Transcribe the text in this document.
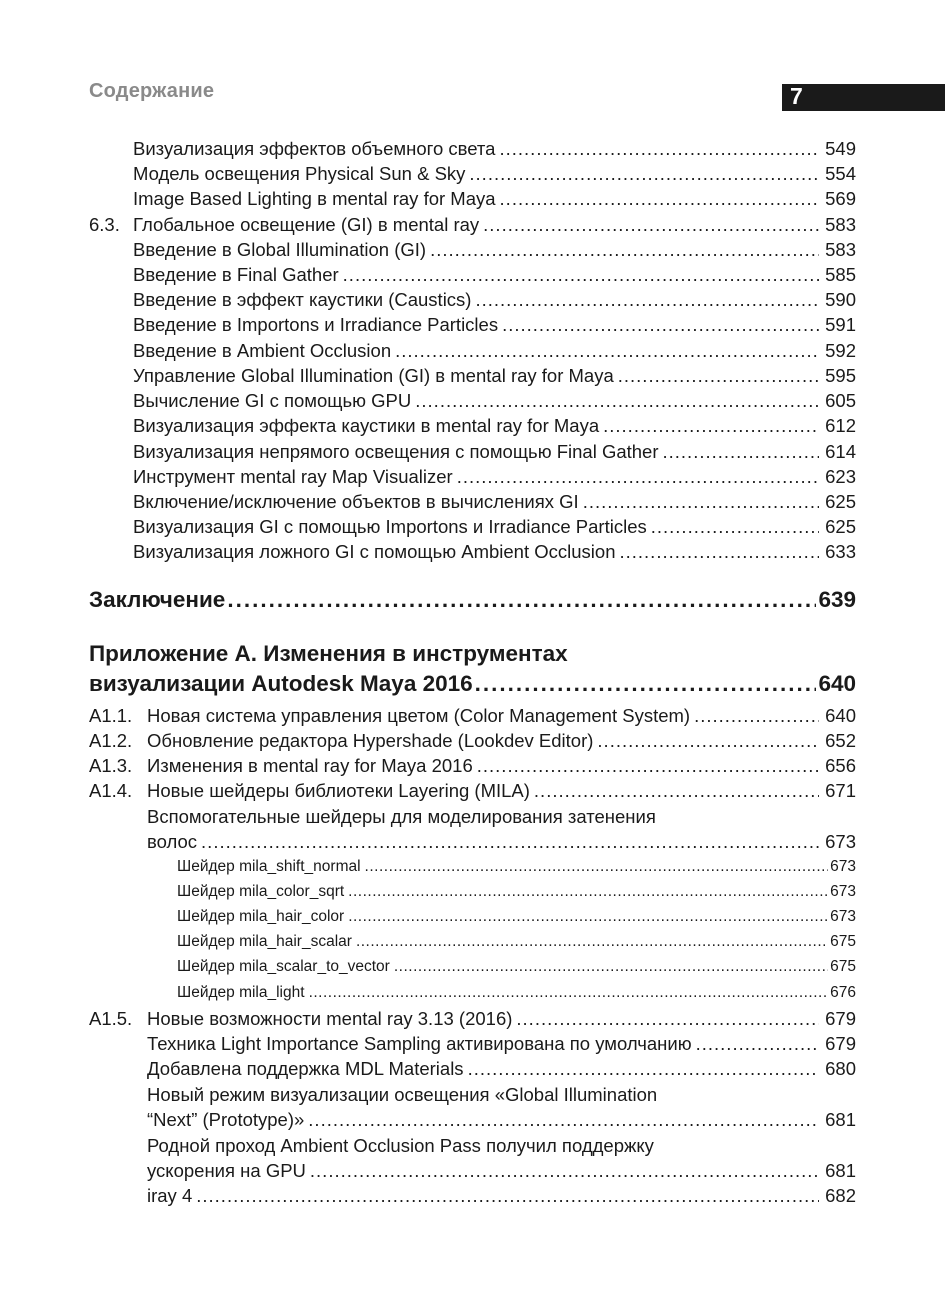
Содержание	7
Визуализация эффектов объемного света .....	549
Модель освещения Physical Sun & Sky .....	554
Image Based Lighting в mental ray for Maya .....	569
6.3. Глобальное освещение (GI) в mental ray .....	583
Введение в Global Illumination (GI) .....	583
Введение в Final Gather .....	585
Введение в эффект каустики (Caustics) .....	590
Введение в Importons и Irradiance Particles .....	591
Введение в Ambient Occlusion .....	592
Управление Global Illumination (GI) в mental ray for Maya .....	595
Вычисление GI с помощью GPU .....	605
Визуализация эффекта каустики в mental ray for Maya .....	612
Визуализация непрямого освещения с помощью Final Gather .....	614
Инструмент mental ray Map Visualizer .....	623
Включение/исключение объектов в вычислениях GI .....	625
Визуализация GI с помощью Importons и Irradiance Particles .....	625
Визуализация ложного GI с помощью Ambient Occlusion .....	633
Заключение .....	639
Приложение А. Изменения в инструментах
визуализации Autodesk Maya 2016 .....	640
A1.1. Новая система управления цветом (Color Management System) .....	640
A1.2. Обновление редактора Hypershade (Lookdev Editor) .....	652
A1.3. Изменения в mental ray for Maya 2016 .....	656
A1.4. Новые шейдеры библиотеки Layering (MILA) .....	671
Вспомогательные шейдеры для моделирования затенения
волос .....	673
Шейдер mila_shift_normal .....	673
Шейдер mila_color_sqrt .....	673
Шейдер mila_hair_color .....	673
Шейдер mila_hair_scalar .....	675
Шейдер mila_scalar_to_vector .....	675
Шейдер mila_light .....	676
A1.5. Новые возможности mental ray 3.13 (2016) .....	679
Техника Light Importance Sampling активирована по умолчанию .....	679
Добавлена поддержка MDL Materials .....	680
Новый режим визуализации освещения «Global Illumination
“Next” (Prototype)» .....	681
Родной проход Ambient Occlusion Pass получил поддержку
ускорения на GPU .....	681
iray 4 .....	682
